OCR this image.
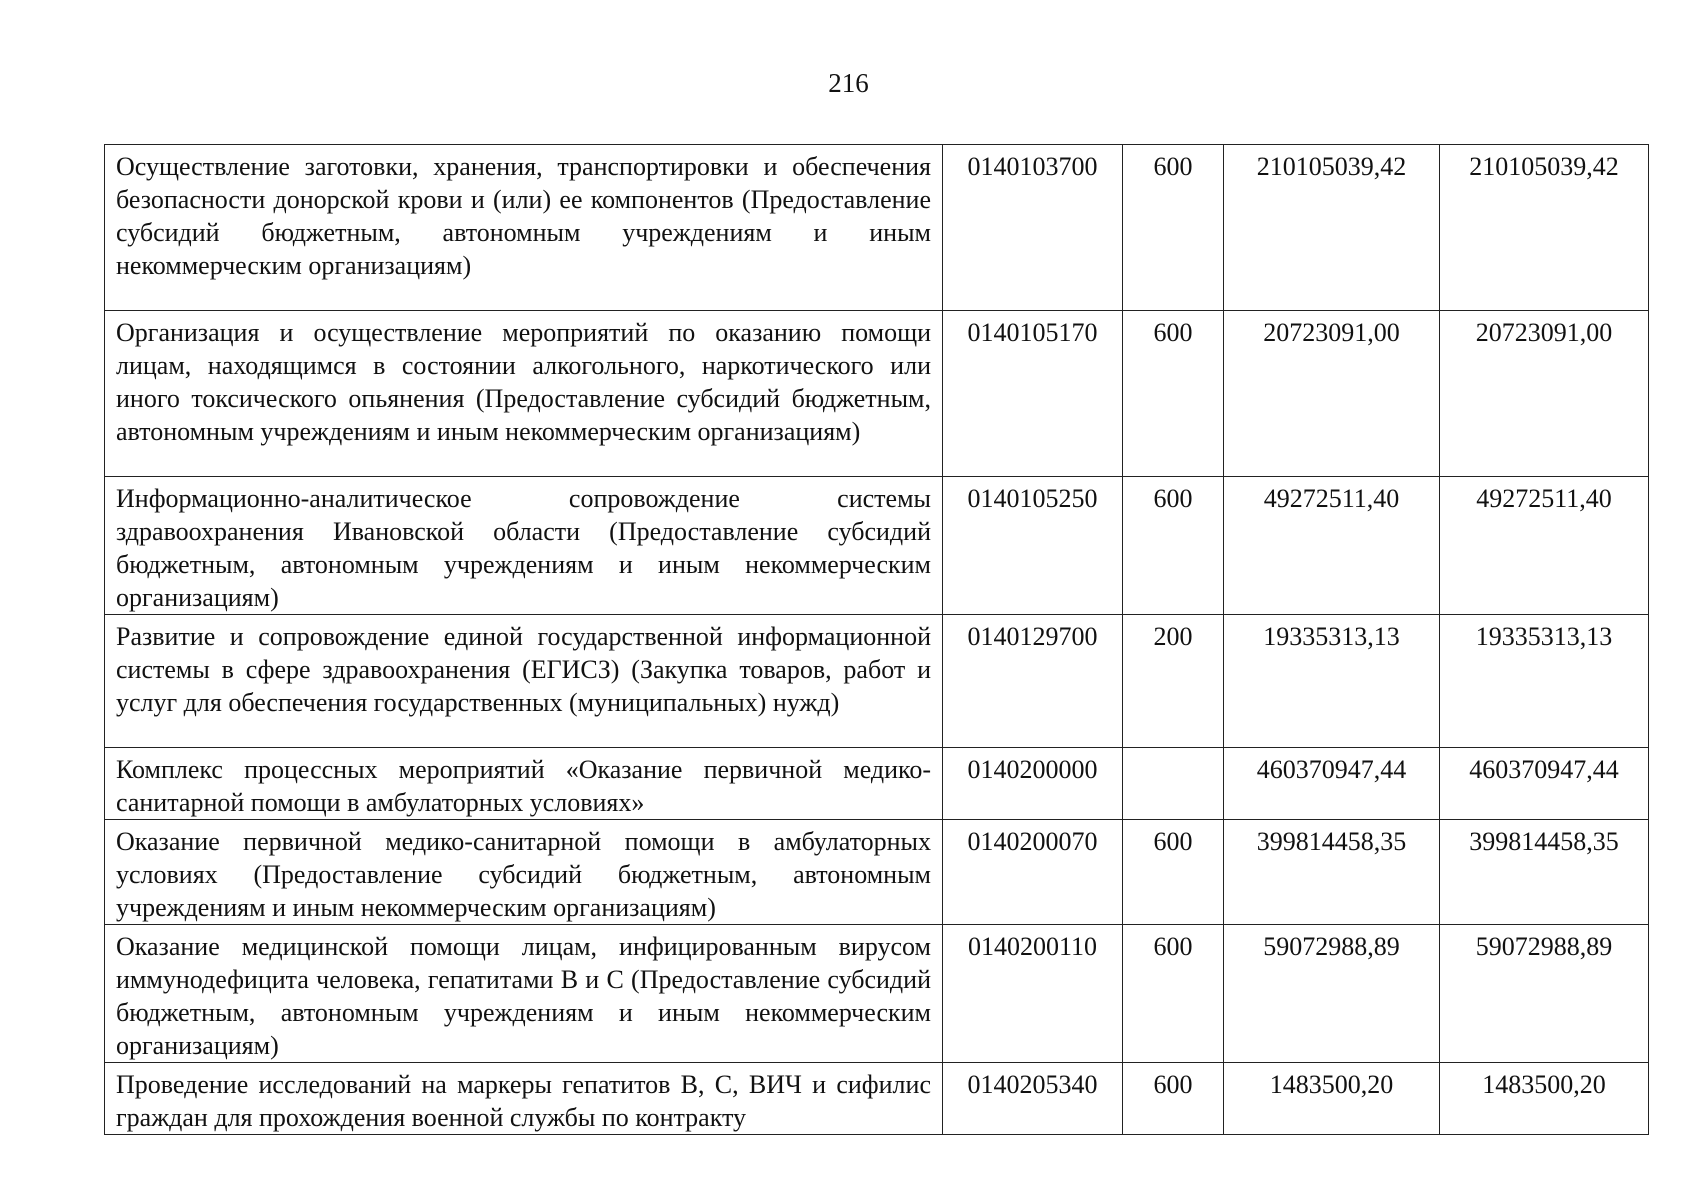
216
Осуществление заготовки, хранения, транспортировки и обеспечения безопасности донорской крови и (или) ее компонентов (Предоставление субсидий бюджетным, автономным учреждениям и иным некоммерческим организациям)	0140103700	600	210105039,42	210105039,42
Организация и осуществление мероприятий по оказанию помощи лицам, находящимся в состоянии алкогольного, наркотического или иного токсического опьянения (Предоставление субсидий бюджетным, автономным учреждениям и иным некоммерческим организациям)	0140105170	600	20723091,00	20723091,00
Информационно-аналитическое сопровождение системы здравоохранения Ивановской области (Предоставление субсидий бюджетным, автономным учреждениям и иным некоммерческим организациям)	0140105250	600	49272511,40	49272511,40
Развитие и сопровождение единой государственной информационной системы в сфере здравоохранения (ЕГИСЗ) (Закупка товаров, работ и услуг для обеспечения государственных (муниципальных) нужд)	0140129700	200	19335313,13	19335313,13
Комплекс процессных мероприятий «Оказание первичной медико-санитарной помощи в амбулаторных условиях»	0140200000		460370947,44	460370947,44
Оказание первичной медико-санитарной помощи в амбулаторных условиях (Предоставление субсидий бюджетным, автономным учреждениям и иным некоммерческим организациям)	0140200070	600	399814458,35	399814458,35
Оказание медицинской помощи лицам, инфицированным вирусом иммунодефицита человека, гепатитами B и C (Предоставление субсидий бюджетным, автономным учреждениям и иным некоммерческим организациям)	0140200110	600	59072988,89	59072988,89
Проведение исследований на маркеры гепатитов B, C, ВИЧ и сифилис граждан для прохождения военной службы по контракту	0140205340	600	1483500,20	1483500,20
